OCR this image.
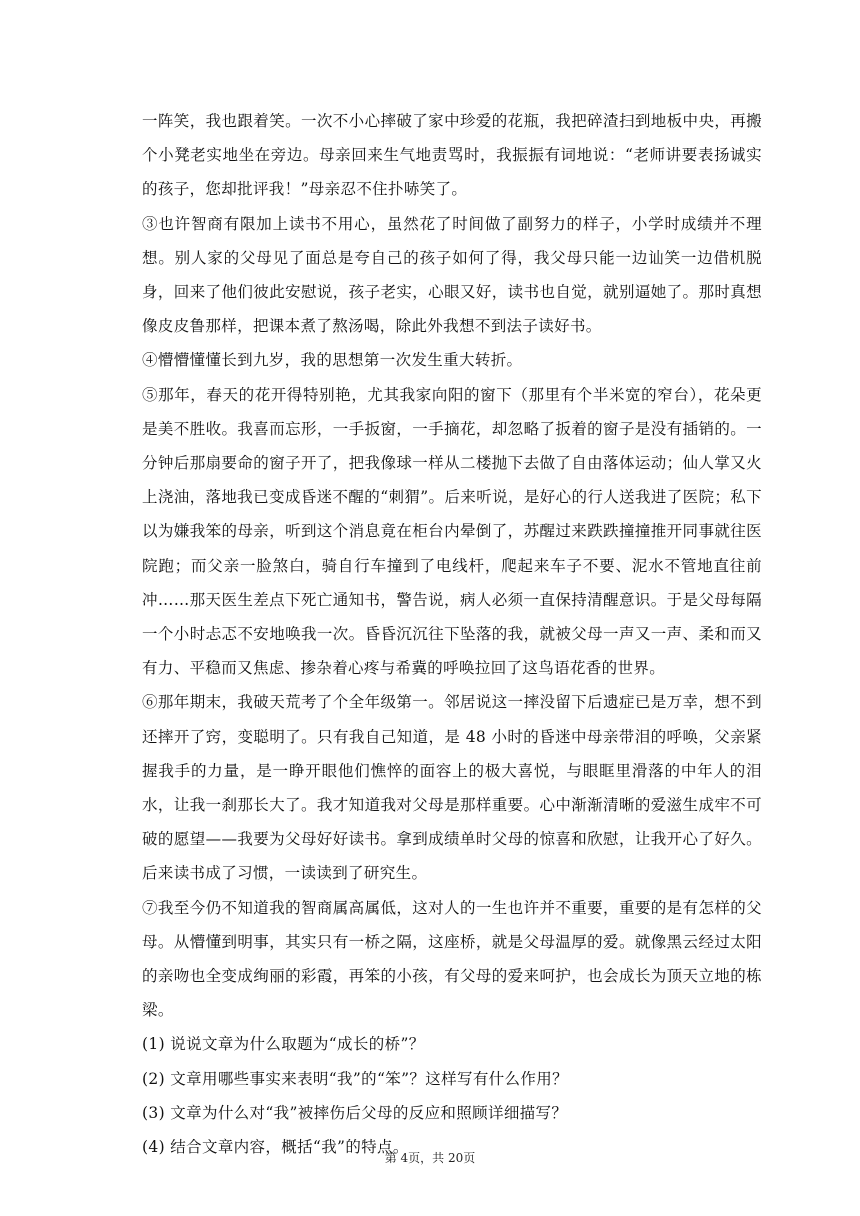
一阵笑，我也跟着笑。一次不小心摔破了家中珍爱的花瓶，我把碎渣扫到地板中央，再搬个小凳老实地坐在旁边。母亲回来生气地责骂时，我振振有词地说：“老师讲要表扬诚实的孩子，您却批评我！”母亲忍不住扑哧笑了。

③也许智商有限加上读书不用心，虽然花了时间做了副努力的样子，小学时成绩并不理想。别人家的父母见了面总是夸自己的孩子如何了得，我父母只能一边讪笑一边借机脱身，回来了他们彼此安慰说，孩子老实，心眼又好，读书也自觉，就别逼她了。那时真想像皮皮鲁那样，把课本煮了熬汤喝，除此外我想不到法子读好书。

④懵懵懂懂长到九岁，我的思想第一次发生重大转折。

⑤那年，春天的花开得特别艳，尤其我家向阳的窗下（那里有个半米宽的窄台），花朵更是美不胜收。我喜而忘形，一手扳窗，一手摘花，却忽略了扳着的窗子是没有插销的。一分钟后那扇要命的窗子开了，把我像球一样从二楼抛下去做了自由落体运动；仙人掌又火上浇油，落地我已变成昏迷不醒的“刺猬”。后来听说，是好心的行人送我进了医院；私下以为嫌我笨的母亲，听到这个消息竟在柜台内晕倒了，苏醒过来跌跌撞撞推开同事就往医院跑；而父亲一脸煞白，骑自行车撞到了电线杆，爬起来车子不要、泥水不管地直往前冲……那天医生差点下死亡通知书，警告说，病人必须一直保持清醒意识。于是父母每隔一个小时忐忑不安地唤我一次。昏昏沉沉往下坠落的我，就被父母一声又一声、柔和而又有力、平稳而又焦虑、掺杂着心疼与希冀的呼唤拉回了这鸟语花香的世界。

⑥那年期末，我破天荒考了个全年级第一。邻居说这一摔没留下后遗症已是万幸，想不到还摔开了窍，变聪明了。只有我自己知道，是 48 小时的昏迷中母亲带泪的呼唤，父亲紧握我手的力量，是一睁开眼他们憔悴的面容上的极大喜悦，与眼眶里滑落的中年人的泪水，让我一刹那长大了。我才知道我对父母是那样重要。心中渐渐清晰的爱滋生成牢不可破的愿望——我要为父母好好读书。拿到成绩单时父母的惊喜和欣慰，让我开心了好久。后来读书成了习惯，一读读到了研究生。

⑦我至今仍不知道我的智商属高属低，这对人的一生也许并不重要，重要的是有怎样的父母。从懵懂到明事，其实只有一桥之隔，这座桥，就是父母温厚的爱。就像黑云经过太阳的亲吻也全变成绚丽的彩霞，再笨的小孩，有父母的爱来呵护，也会成长为顶天立地的栋梁。

(1) 说说文章为什么取题为“成长的桥”？

(2) 文章用哪些事实来表明“我”的“笨”？这样写有什么作用？

(3) 文章为什么对“我”被摔伤后父母的反应和照顾详细描写？

(4) 结合文章内容，概括“我”的特点。

第 4页，共 20页
